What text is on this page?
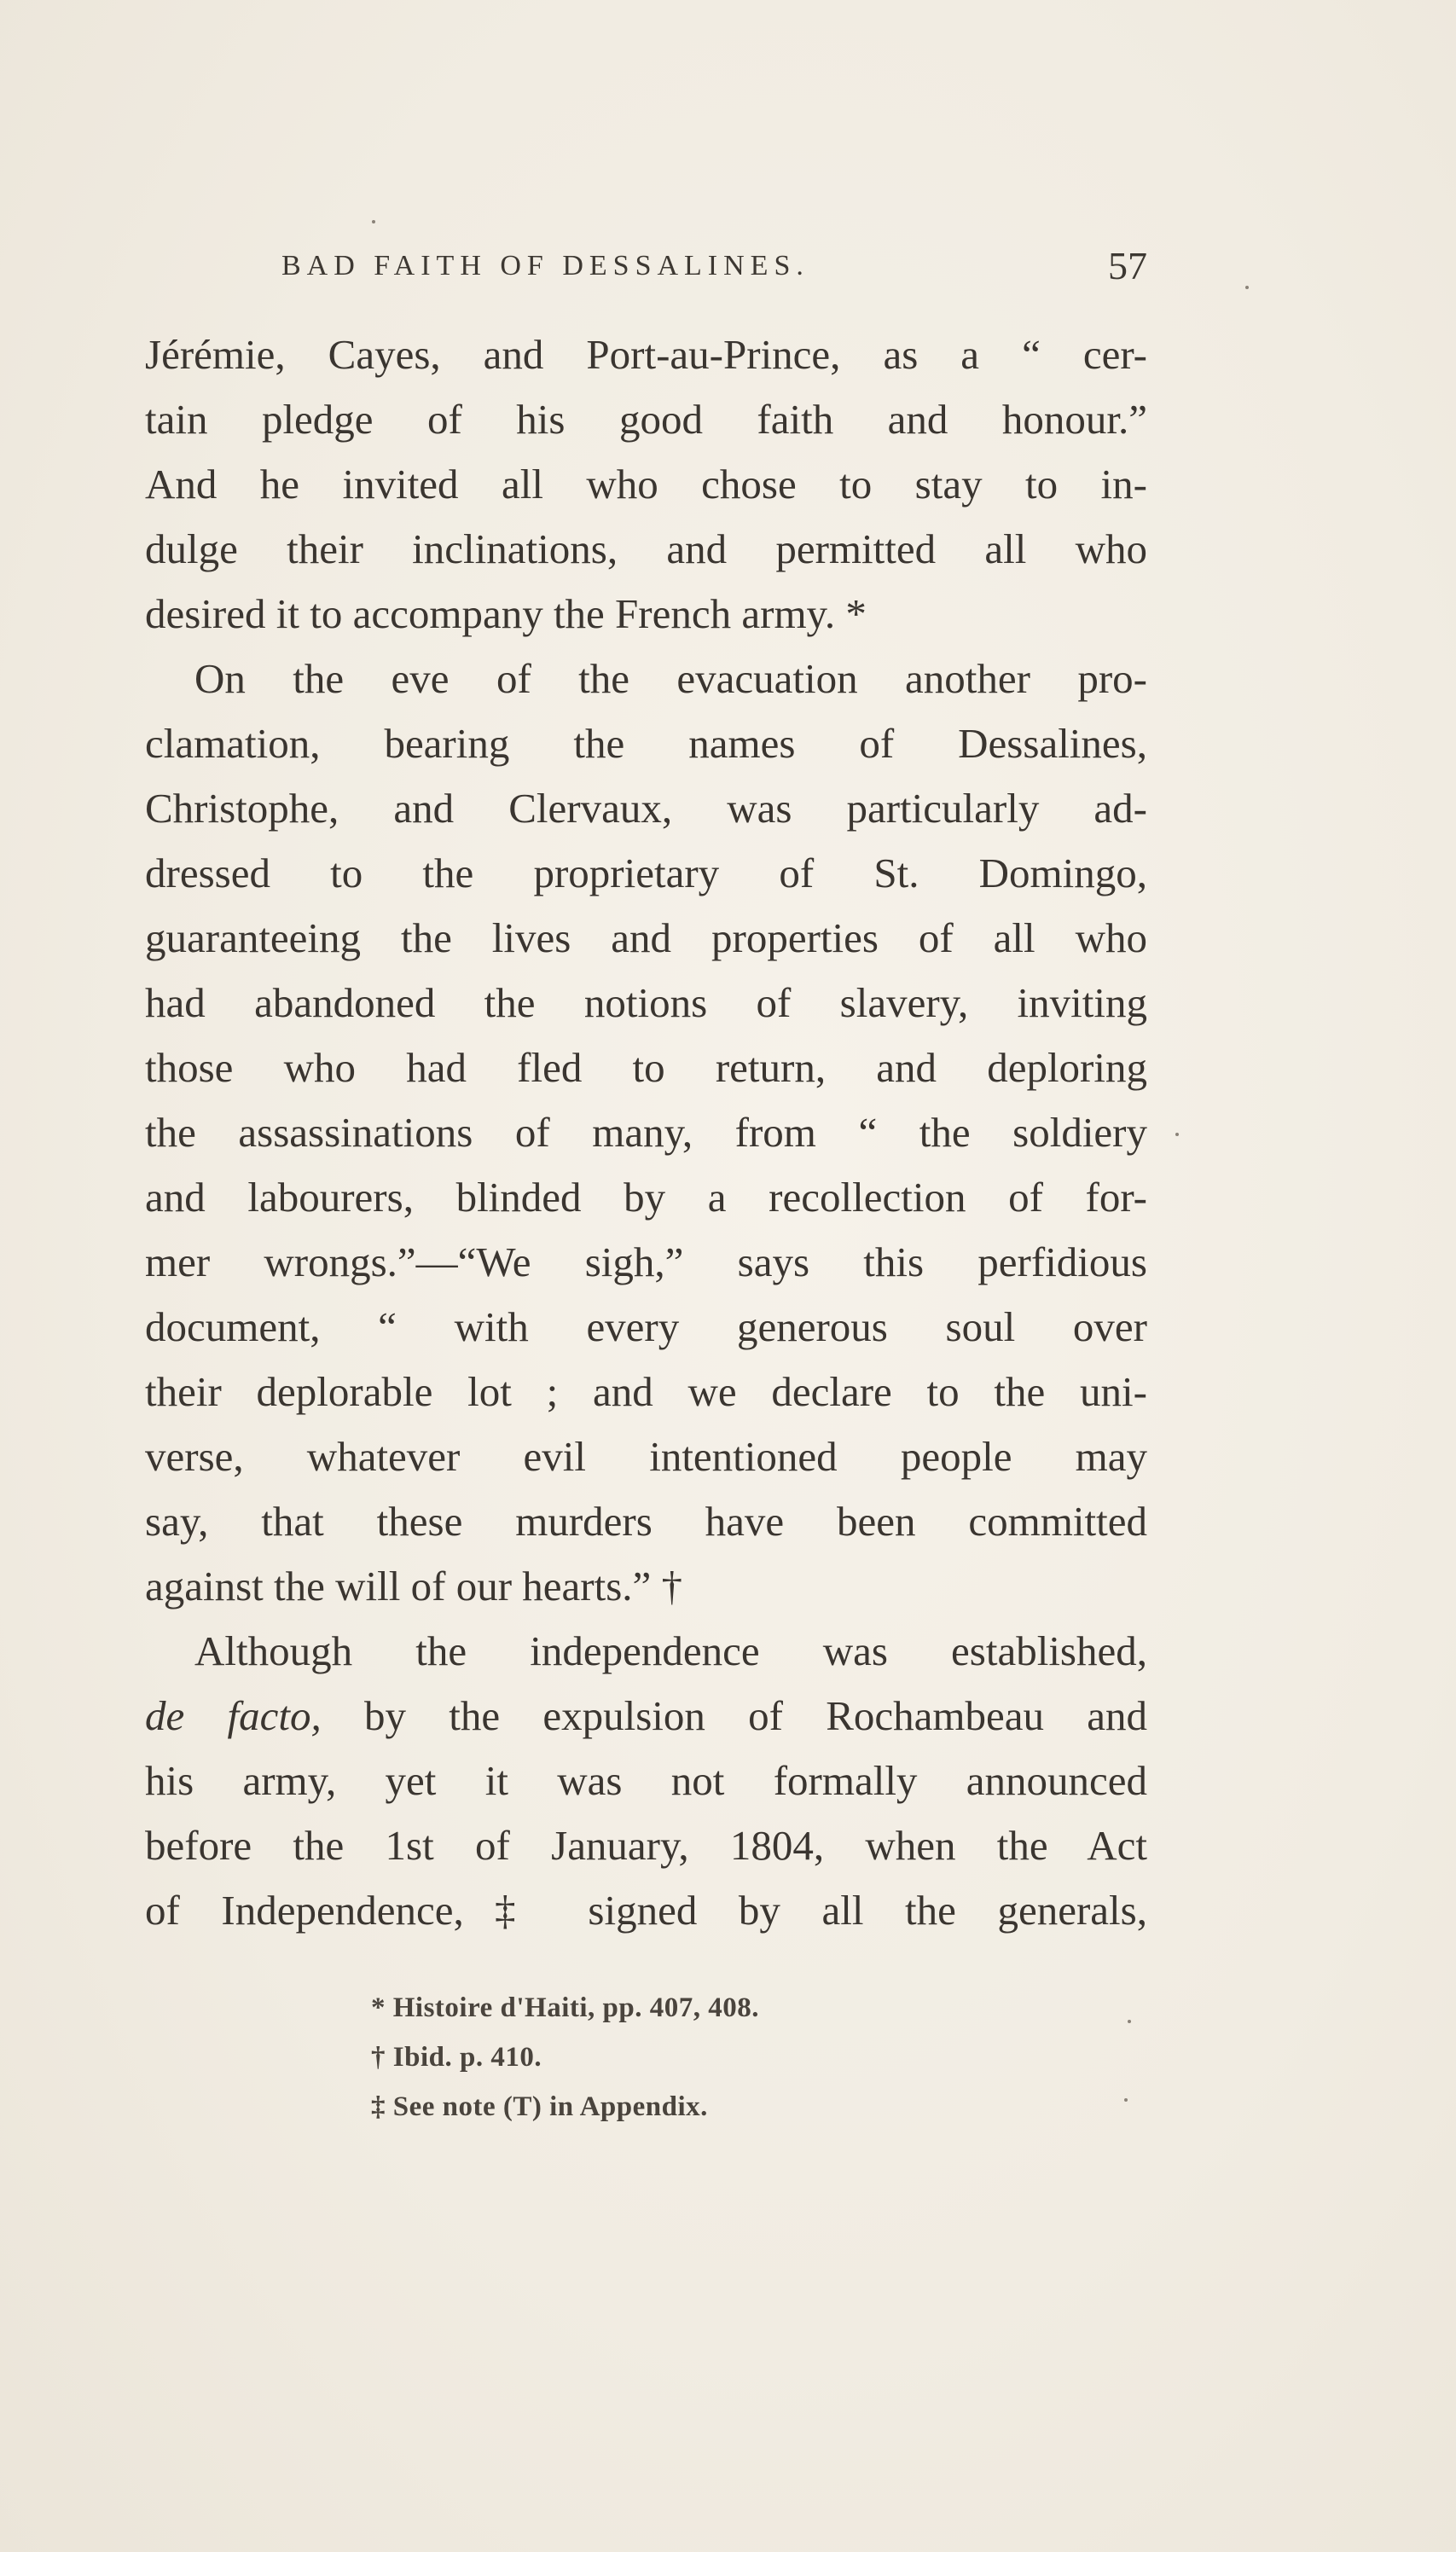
BAD FAITH OF DESSALINES.	57
Jérémie, Cayes, and Port-au-Prince, as a “ cer-
tain pledge of his good faith and honour.”
And he invited all who chose to stay to in-
dulge their inclinations, and permitted all who
desired it to accompany the French army. *
On the eve of the evacuation another pro-
clamation, bearing the names of Dessalines,
Christophe, and Clervaux, was particularly ad-
dressed to the proprietary of St. Domingo,
guaranteeing the lives and properties of all who
had abandoned the notions of slavery, inviting
those who had fled to return, and deploring
the assassinations of many, from “ the soldiery
and labourers, blinded by a recollection of for-
mer wrongs.”—“We sigh,” says this perfidious
document, “ with every generous soul over
their deplorable lot ; and we declare to the uni-
verse, whatever evil intentioned people may
say, that these murders have been committed
against the will of our hearts.” †
Although the independence was established,
de facto, by the expulsion of Rochambeau and
his army, yet it was not formally announced
before the 1st of January, 1804, when the Act
of Independence,‡ signed by all the generals,
* Histoire d'Haiti, pp. 407, 408.
† Ibid. p. 410.
‡ See note (T) in Appendix.
